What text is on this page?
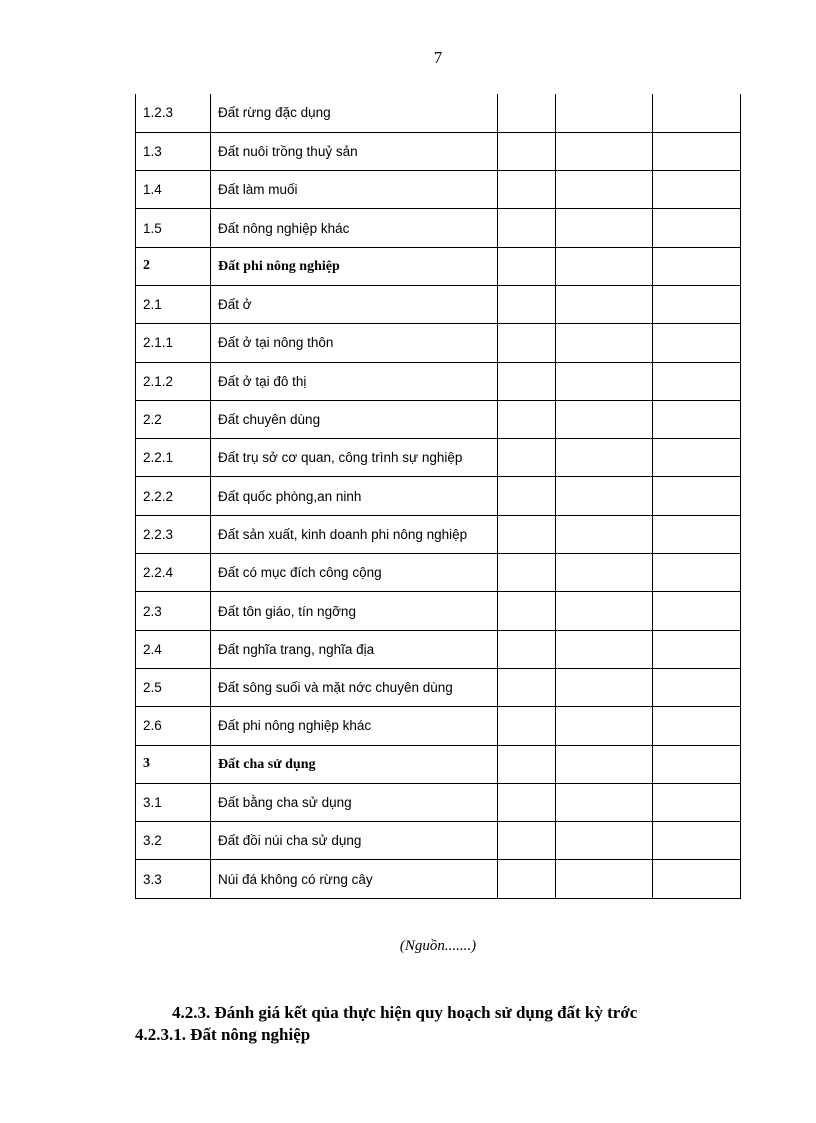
7
1.2.3	Đất rừng đặc dụng			
1.3	Đất nuôi trồng thuỷ sản			
1.4	Đất làm muối			
1.5	Đất nông nghiệp khác			
2	Đất phi nông nghiệp			
2.1	Đất ở			
2.1.1	Đất ở tại nông thôn			
2.1.2	Đất ở tại đô thị			
2.2	Đất chuyên dùng			
2.2.1	Đất trụ sở cơ quan, công trình sự nghiệp			
2.2.2	Đất quốc phòng,an ninh			
2.2.3	Đất sản xuất, kinh doanh phi nông nghiệp			
2.2.4	Đất có mục đích công cộng			
2.3	Đất tôn giáo, tín ngỡng			
2.4	Đất nghĩa trang, nghĩa địa			
2.5	Đất sông suối và mặt nớc chuyên dùng			
2.6	Đất phi nông nghiệp khác			
3	Đất cha sử dụng			
3.1	Đất bằng cha sử dụng			
3.2	Đất đồi núi cha sử dụng			
3.3	Núi đá không có rừng cây			
(Nguồn.......)
4.2.3. Đánh giá kết qủa thực hiện quy hoạch sử dụng đất kỳ trớc
4.2.3.1. Đất nông nghiệp
